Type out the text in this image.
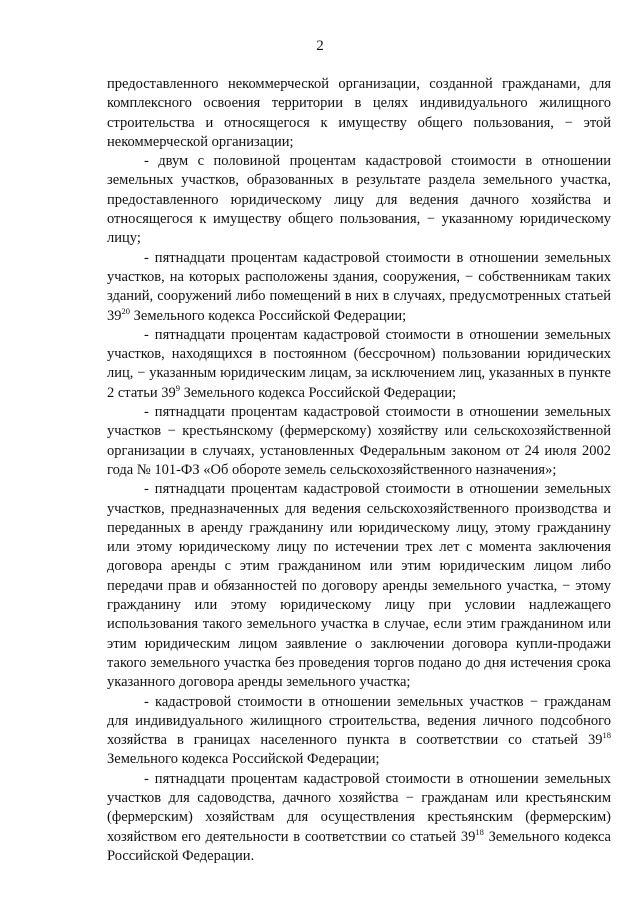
2

предоставленного некоммерческой организации, созданной гражданами, для комплексного освоения территории в целях индивидуального жилищного строительства и относящегося к имуществу общего пользования, − этой некоммерческой организации;

- двум с половиной процентам кадастровой стоимости в отношении земельных участков, образованных в результате раздела земельного участка, предоставленного юридическому лицу для ведения дачного хозяйства и относящегося к имуществу общего пользования, − указанному юридическому лицу;

- пятнадцати процентам кадастровой стоимости в отношении земельных участков, на которых расположены здания, сооружения, − собственникам таких зданий, сооружений либо помещений в них в случаях, предусмотренных статьей $39^{20}$ Земельного кодекса Российской Федерации;

- пятнадцати процентам кадастровой стоимости в отношении земельных участков, находящихся в постоянном (бессрочном) пользовании юридических лиц, − указанным юридическим лицам, за исключением лиц, указанных в пункте 2 статьи $39^9$ Земельного кодекса Российской Федерации;

- пятнадцати процентам кадастровой стоимости в отношении земельных участков − крестьянскому (фермерскому) хозяйству или сельскохозяйственной организации в случаях, установленных Федеральным законом от 24 июля 2002 года № 101-ФЗ «Об обороте земель сельскохозяйственного назначения»;

- пятнадцати процентам кадастровой стоимости в отношении земельных участков, предназначенных для ведения сельскохозяйственного производства и переданных в аренду гражданину или юридическому лицу, этому гражданину или этому юридическому лицу по истечении трех лет с момента заключения договора аренды с этим гражданином или этим юридическим лицом либо передачи прав и обязанностей по договору аренды земельного участка, − этому гражданину или этому юридическому лицу при условии надлежащего использования такого земельного участка в случае, если этим гражданином или этим юридическим лицом заявление о заключении договора купли-продажи такого земельного участка без проведения торгов подано до дня истечения срока указанного договора аренды земельного участка;

- кадастровой стоимости в отношении земельных участков − гражданам для индивидуального жилищного строительства, ведения личного подсобного хозяйства в границах населенного пункта в соответствии со статьей $39^{18}$ Земельного кодекса Российской Федерации;

- пятнадцати процентам кадастровой стоимости в отношении земельных участков для садоводства, дачного хозяйства − гражданам или крестьянским (фермерским) хозяйствам для осуществления крестьянским (фермерским) хозяйством его деятельности в соответствии со статьей $39^{18}$ Земельного кодекса Российской Федерации.
